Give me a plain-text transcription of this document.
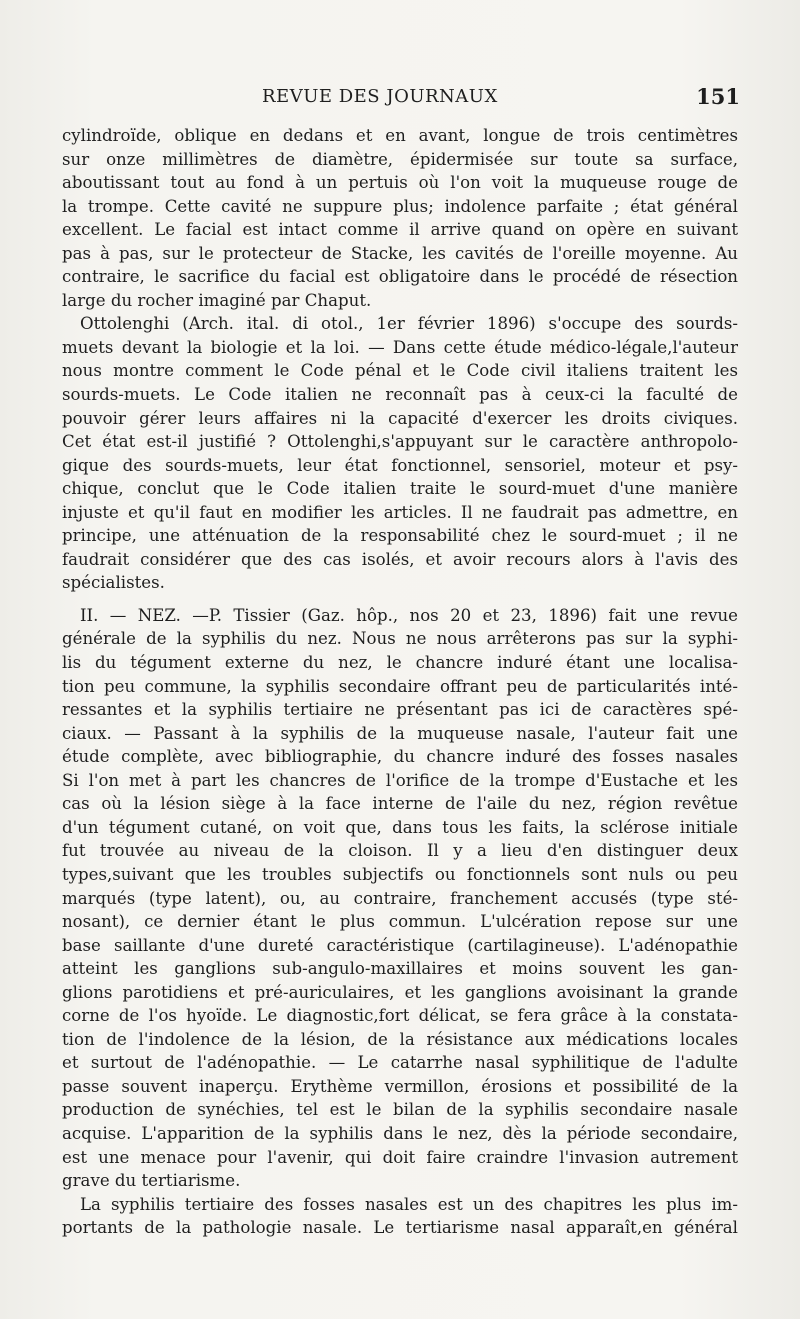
REVUE DES JOURNAUX	151
cylindroïde, oblique en dedans et en avant, longue de trois centimètres
sur onze millimètres de diamètre, épidermisée sur toute sa surface,
aboutissant tout au fond à un pertuis où l'on voit la muqueuse rouge de
la trompe. Cette cavité ne suppure plus; indolence parfaite ; état général
excellent. Le facial est intact comme il arrive quand on opère en suivant
pas à pas, sur le protecteur de Stacke, les cavités de l'oreille moyenne. Au
contraire, le sacrifice du facial est obligatoire dans le procédé de résection
large du rocher imaginé par Chaput.
Ottolenghi (Arch. ital. di otol., 1er février 1896) s'occupe des sourds-
muets devant la biologie et la loi. — Dans cette étude médico-légale,l'auteur
nous montre comment le Code pénal et le Code civil italiens traitent les
sourds-muets. Le Code italien ne reconnaît pas à ceux-ci la faculté de
pouvoir gérer leurs affaires ni la capacité d'exercer les droits civiques.
Cet état est-il justifié ? Ottolenghi,s'appuyant sur le caractère anthropolo-
gique des sourds-muets, leur état fonctionnel, sensoriel, moteur et psy-
chique, conclut que le Code italien traite le sourd-muet d'une manière
injuste et qu'il faut en modifier les articles. Il ne faudrait pas admettre, en
principe, une atténuation de la responsabilité chez le sourd-muet ; il ne
faudrait considérer que des cas isolés, et avoir recours alors à l'avis des
spécialistes.
II. — NEZ. —P. Tissier (Gaz. hôp., nos 20 et 23, 1896) fait une revue
générale de la syphilis du nez. Nous ne nous arrêterons pas sur la syphi-
lis du tégument externe du nez, le chancre induré étant une localisa-
tion peu commune, la syphilis secondaire offrant peu de particularités inté-
ressantes et la syphilis tertiaire ne présentant pas ici de caractères spé-
ciaux. — Passant à la syphilis de la muqueuse nasale, l'auteur fait une
étude complète, avec bibliographie, du chancre induré des fosses nasales
Si l'on met à part les chancres de l'orifice de la trompe d'Eustache et les
cas où la lésion siège à la face interne de l'aile du nez, région revêtue
d'un tégument cutané, on voit que, dans tous les faits, la sclérose initiale
fut trouvée au niveau de la cloison. Il y a lieu d'en distinguer deux
types,suivant que les troubles subjectifs ou fonctionnels sont nuls ou peu
marqués (type latent), ou, au contraire, franchement accusés (type sté-
nosant), ce dernier étant le plus commun. L'ulcération repose sur une
base saillante d'une dureté caractéristique (cartilagineuse). L'adénopathie
atteint les ganglions sub-angulo-maxillaires et moins souvent les gan-
glions parotidiens et pré-auriculaires, et les ganglions avoisinant la grande
corne de l'os hyoïde. Le diagnostic,fort délicat, se fera grâce à la constata-
tion de l'indolence de la lésion, de la résistance aux médications locales
et surtout de l'adénopathie. — Le catarrhe nasal syphilitique de l'adulte
passe souvent inaperçu. Erythème vermillon, érosions et possibilité de la
production de synéchies, tel est le bilan de la syphilis secondaire nasale
acquise. L'apparition de la syphilis dans le nez, dès la période secondaire,
est une menace pour l'avenir, qui doit faire craindre l'invasion autrement
grave du tertiarisme.
La syphilis tertiaire des fosses nasales est un des chapitres les plus im-
portants de la pathologie nasale. Le tertiarisme nasal apparaît,en général
